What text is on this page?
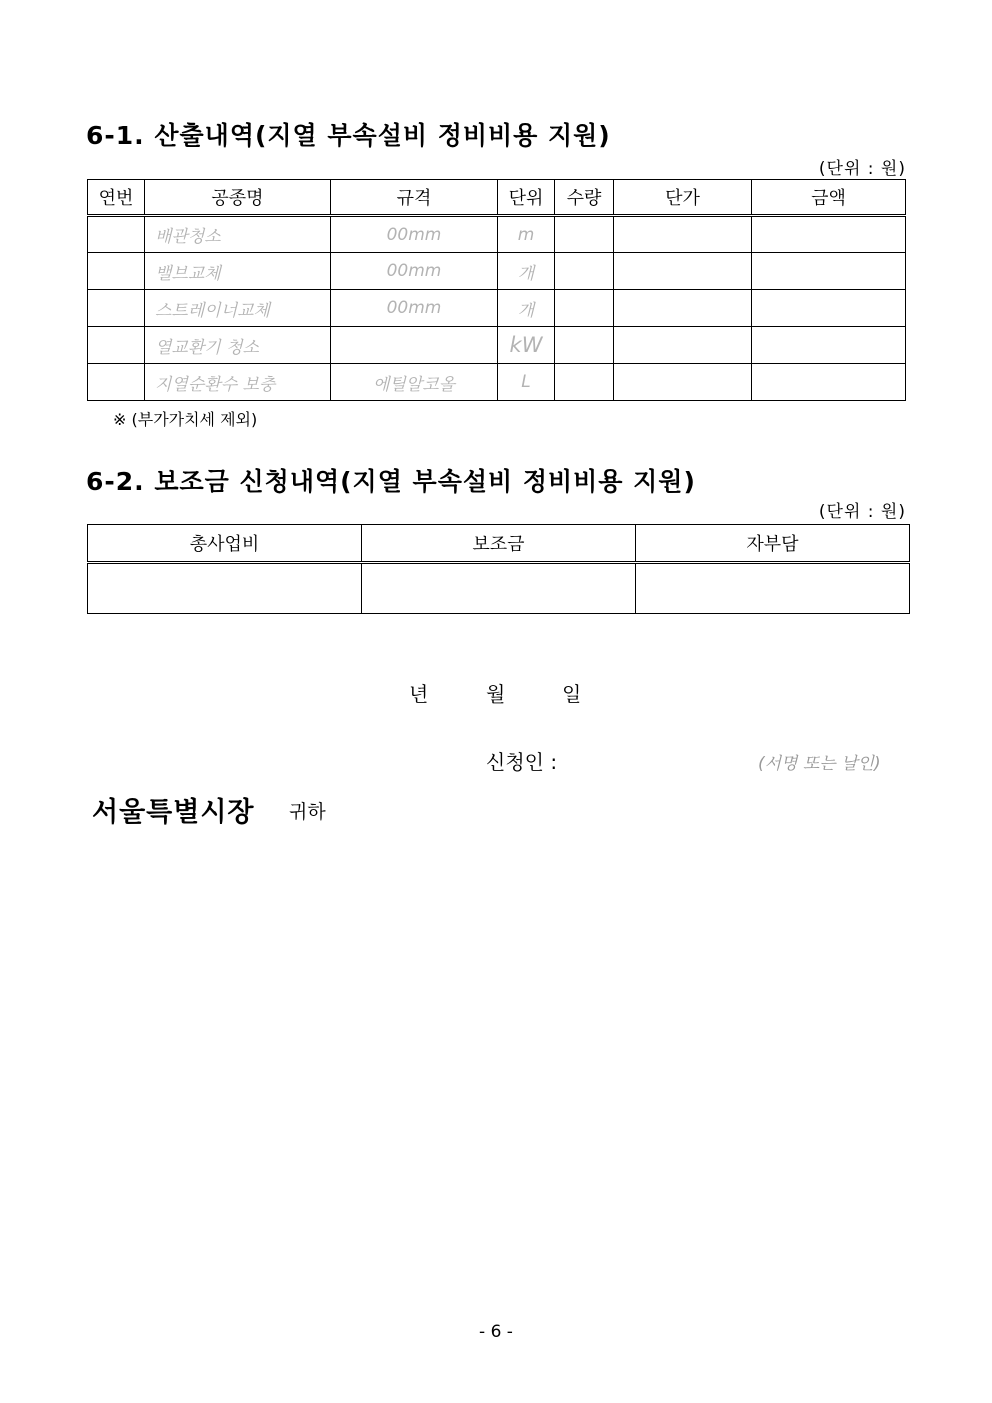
6-1. 산출내역(지열 부속설비 정비비용 지원)
(단위 : 원)
연번	공종명	규격	단위	수량	단가	금액
	배관청소	00mm	m			
	밸브교체	00mm	개			
	스트레이너교체	00mm	개			
	열교환기 청소		kW			
	지열순환수 보충	에틸알코올	L			
※ (부가가치세 제외)
6-2. 보조금 신청내역(지열 부속설비 정비비용 지원)
(단위 : 원)
총사업비	보조금	자부담

년	월	일
신청인 :	(서명 또는 날인)
서울특별시장 귀하
- 6 -
